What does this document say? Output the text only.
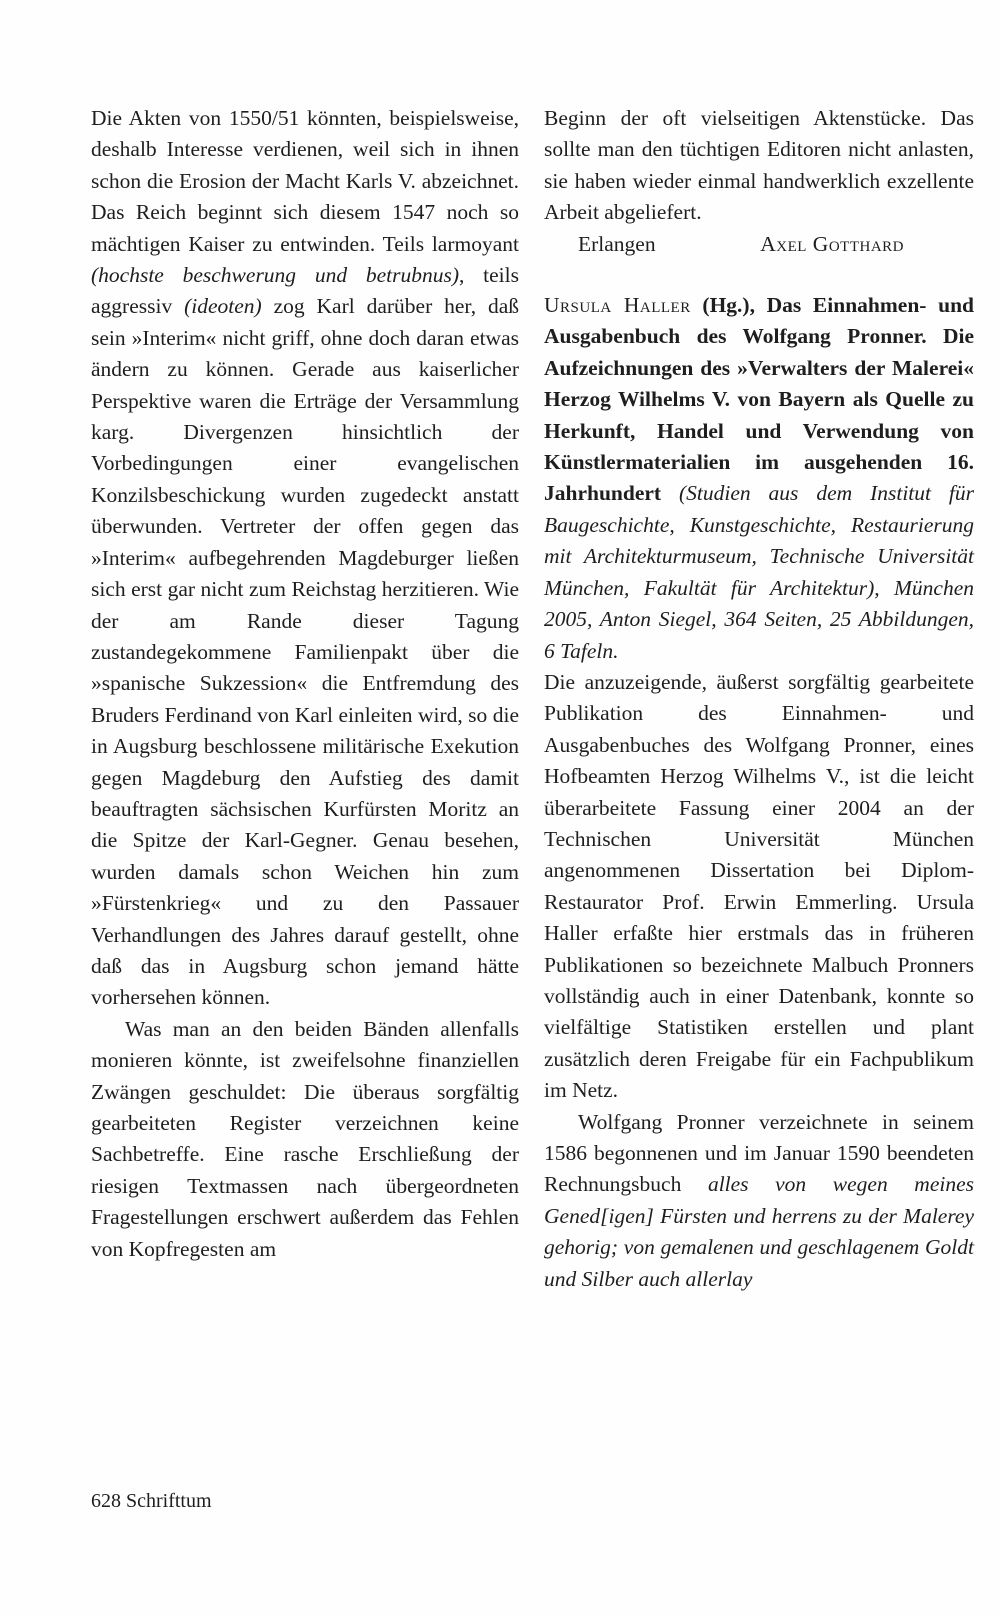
Die Akten von 1550/51 könnten, beispielsweise, deshalb Interesse verdienen, weil sich in ihnen schon die Erosion der Macht Karls V. abzeichnet. Das Reich beginnt sich diesem 1547 noch so mächtigen Kaiser zu entwinden. Teils larmoyant (hochste beschwerung und betrubnus), teils aggressiv (ideoten) zog Karl darüber her, daß sein »Interim« nicht griff, ohne doch daran etwas ändern zu können. Gerade aus kaiserlicher Perspektive waren die Erträge der Versammlung karg. Divergenzen hinsichtlich der Vorbedingungen einer evangelischen Konzilsbeschickung wurden zugedeckt anstatt überwunden. Vertreter der offen gegen das »Interim« aufbegehrenden Magdeburger ließen sich erst gar nicht zum Reichstag herzitieren. Wie der am Rande dieser Tagung zustandegekommene Familienpakt über die »spanische Sukzession« die Entfremdung des Bruders Ferdinand von Karl einleiten wird, so die in Augsburg beschlossene militärische Exekution gegen Magdeburg den Aufstieg des damit beauftragten sächsischen Kurfürsten Moritz an die Spitze der Karl-Gegner. Genau besehen, wurden damals schon Weichen hin zum »Fürstenkrieg« und zu den Passauer Verhandlungen des Jahres darauf gestellt, ohne daß das in Augsburg schon jemand hätte vorhersehen können.

Was man an den beiden Bänden allenfalls monieren könnte, ist zweifelsohne finanziellen Zwängen geschuldet: Die überaus sorgfältig gearbeiteten Register verzeichnen keine Sachbetreffe. Eine rasche Erschließung der riesigen Textmassen nach übergeordneten Fragestellungen erschwert außerdem das Fehlen von Kopfregesten am

Beginn der oft vielseitigen Aktenstücke. Das sollte man den tüchtigen Editoren nicht anlasten, sie haben wieder einmal handwerklich exzellente Arbeit abgeliefert.

Erlangen	Axel Gotthard

Ursula Haller (Hg.), Das Einnahmen- und Ausgabenbuch des Wolfgang Pronner. Die Aufzeichnungen des »Verwalters der Malerei« Herzog Wilhelms V. von Bayern als Quelle zu Herkunft, Handel und Verwendung von Künstlermaterialien im ausgehenden 16. Jahrhundert (Studien aus dem Institut für Baugeschichte, Kunstgeschichte, Restaurierung mit Architekturmuseum, Technische Universität München, Fakultät für Architektur), München 2005, Anton Siegel, 364 Seiten, 25 Abbildungen, 6 Tafeln.

Die anzuzeigende, äußerst sorgfältig gearbeitete Publikation des Einnahmen- und Ausgabenbuches des Wolfgang Pronner, eines Hofbeamten Herzog Wilhelms V., ist die leicht überarbeitete Fassung einer 2004 an der Technischen Universität München angenommenen Dissertation bei Diplom-Restaurator Prof. Erwin Emmerling. Ursula Haller erfaßte hier erstmals das in früheren Publikationen so bezeichnete Malbuch Pronners vollständig auch in einer Datenbank, konnte so vielfältige Statistiken erstellen und plant zusätzlich deren Freigabe für ein Fachpublikum im Netz.

Wolfgang Pronner verzeichnete in seinem 1586 begonnenen und im Januar 1590 beendeten Rechnungsbuch alles von wegen meines Gened[igen] Fürsten und herrens zu der Malerey gehorig; von gemalenen und geschlagenem Goldt und Silber auch allerlay

628 Schrifttum
